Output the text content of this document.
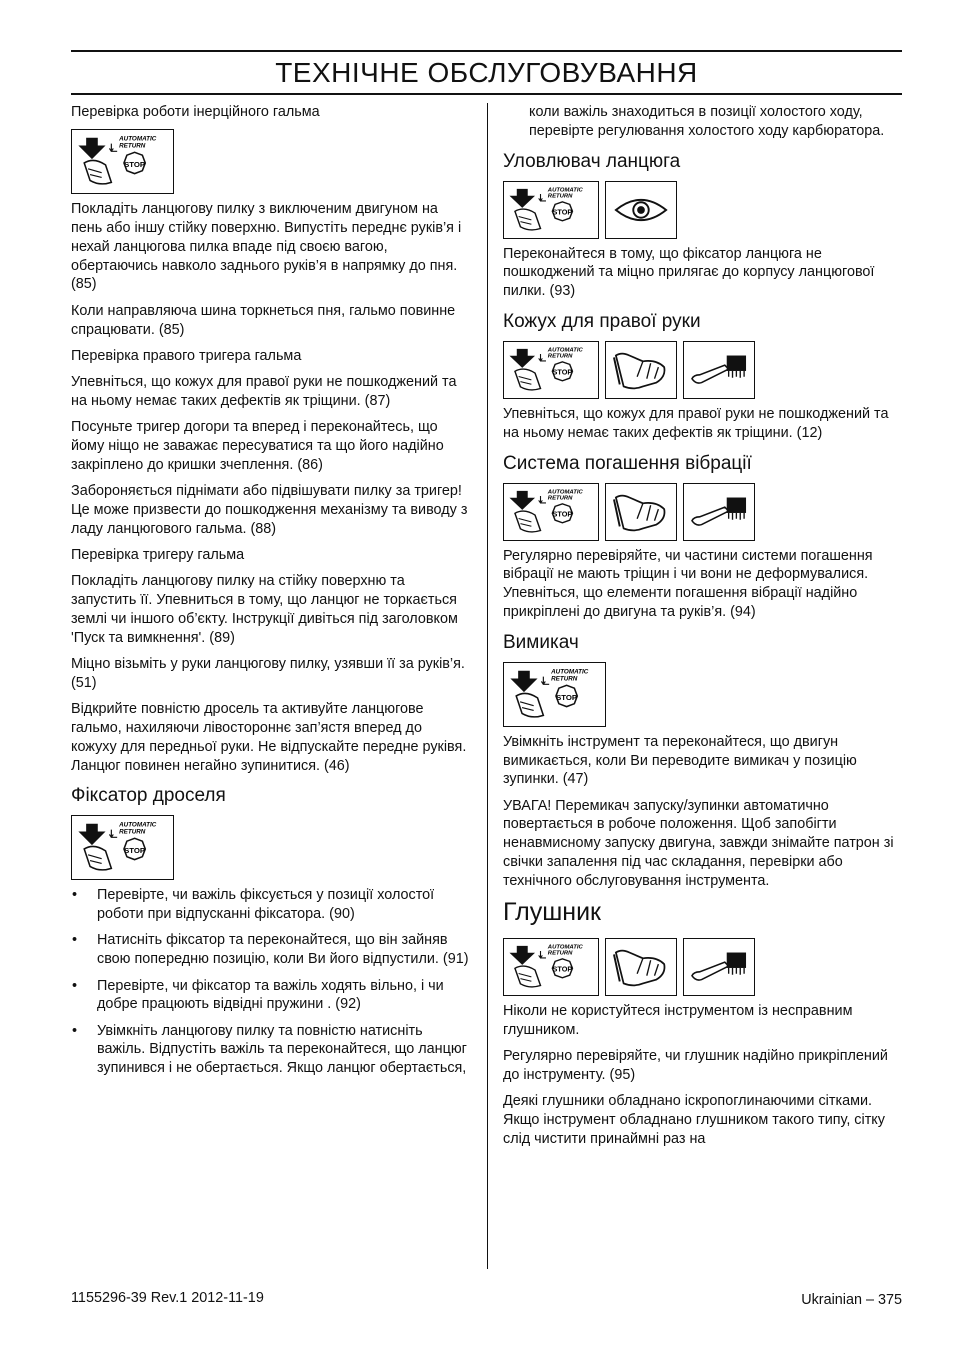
ТЕХНІЧНЕ ОБСЛУГОВУВАННЯ

Перевірка роботи інерційного гальма

AUTOMATIC
RETURN
STOP

Покладіть ланцюгову пилку з виключеним двигуном на пень або іншу стійку поверхню. Випустіть переднє руків’я і нехай ланцюгова пилка впаде під своєю вагою, обертаючись навколо заднього руків’я в напрямку до пня. (85)

Коли направляюча шина торкнеться пня, гальмо повинне спрацювати. (85)

Перевірка правого тригера гальма

Упевніться, що кожух для правої руки не пошкоджений та на ньому немає таких дефектів як тріщини. (87)

Посуньте тригер догори та вперед і переконайтесь, що йому ніщо не заважає пересуватися та що його надійно закріплено до кришки зчеплення. (86)

Забороняється піднімати або підвішувати пилку за тригер! Це може призвести до пошкодження механізму та виводу з ладу ланцюгового гальма. (88)

Перевірка тригеру гальма

Покладіть ланцюгову пилку на стійку поверхню та запустить її. Упевниться в тому, що ланцюг не торкається землі чи іншого об’єкту. Інструкції дивіться під заголовком 'Пуск та вимкнення'. (89)

Міцно візьміть у руки ланцюгову пилку, узявши її за руків’я. (51)

Відкрийте повністю дросель та активуйте ланцюгове гальмо, нахиляючи лівостороннє зап’ястя вперед до кожуху для передньої руки. Не відпускайте передне руківя. Ланцюг повинен негайно зупинитися. (46)

Фіксатор дроселя
AUTOMATIC
RETURN
STOP
• Перевірте, чи важіль фіксується у позиції холостої роботи при відпусканні фіксатора. (90)
• Натисніть фіксатор та переконайтеся, що він зайняв свою попередню позицію, коли Ви його відпустили. (91)
• Перевірте, чи фіксатор та важіль ходять вільно, і чи добре працюють відвідні пружини . (92)
• Увімкніть ланцюгову пилку та повністю натисніть важіль. Відпустіть важіль та переконайтеся, що ланцюг зупинився і не обертається. Якщо ланцюг обертається,

коли важіль знаходиться в позиції холостого ходу, перевірте регулювання холостого ходу карбюратора.

Уловлювач ланцюга
AUTOMATIC
RETURN
STOP

Переконайтеся в тому, що фіксатор ланцюга не пошкоджений та міцно прилягає до корпусу ланцюгової пилки. (93)

Кожух для правої руки
AUTOMATIC
RETURN
STOP

Упевніться, що кожух для правої руки не пошкоджений та на ньому немає таких дефектів як тріщини. (12)

Система погашення вібрації
AUTOMATIC
RETURN
STOP

Регулярно перевіряйте, чи частини системи погашення вібрації не мають тріщин і чи вони не деформувалися. Упевніться, що елементи погашення вібрації надійно прикріплені до двигуна та руків’я. (94)

Вимикач
AUTOMATIC
RETURN
STOP

Увімкніть інструмент та переконайтеся, що двигун вимикається, коли Ви переводите вимикач у позицію зупинки. (47)

УВАГА! Перемикач запуску/зупинки автоматично повертається в робоче положення. Щоб запобігти ненавмисному запуску двигуна, завжди знімайте патрон зі свічки запалення під час складання, перевірки або технічного обслуговування інструмента.

Глушник
AUTOMATIC
RETURN
STOP

Ніколи не користуйтеся інструментом із несправним глушником.

Регулярно перевіряйте, чи глушник надійно прикріплений до інструменту. (95)

Деякі глушники обладнано іскропоглинаючими сітками. Якщо інструмент обладнано глушником такого типу, сітку слід чистити принаймні раз на

1155296-39 Rev.1 2012-11-19	Ukrainian – 375
